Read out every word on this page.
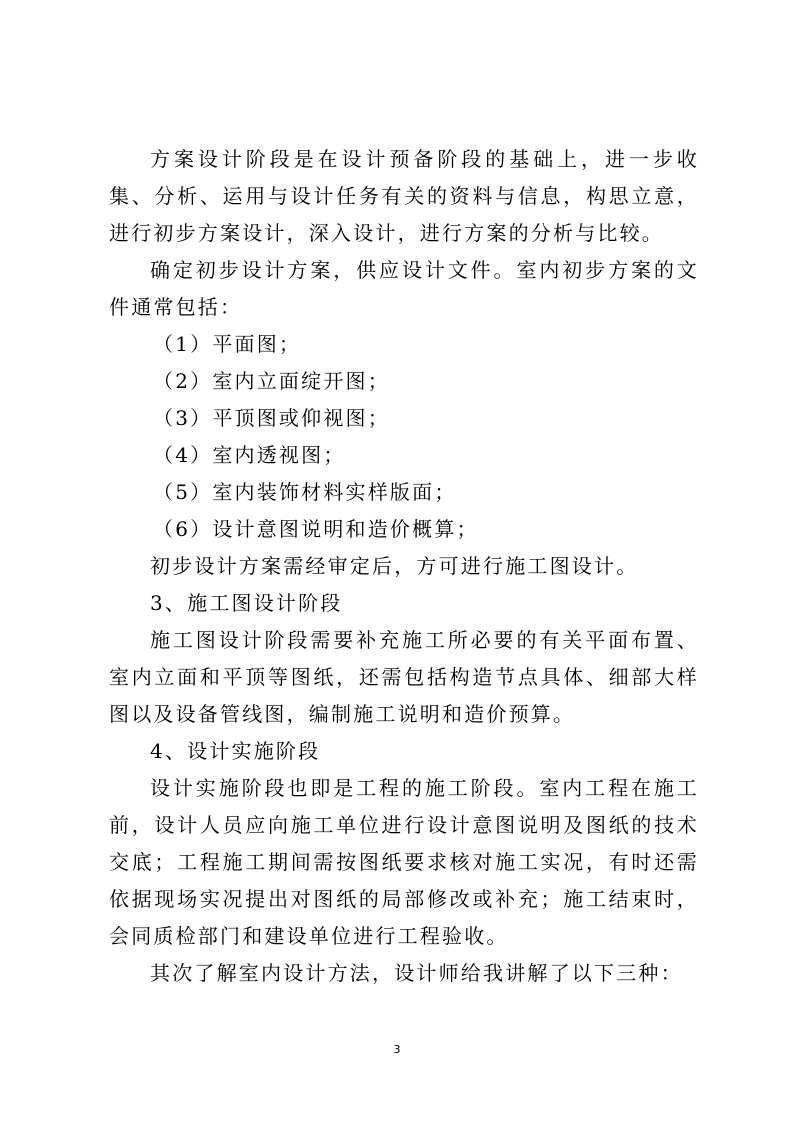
方案设计阶段是在设计预备阶段的基础上，进一步收集、分析、运用与设计任务有关的资料与信息，构思立意，进行初步方案设计，深入设计，进行方案的分析与比较。

确定初步设计方案，供应设计文件。室内初步方案的文件通常包括：

（1）平面图；

（2）室内立面绽开图；

（3）平顶图或仰视图；

（4）室内透视图；

（5）室内装饰材料实样版面；

（6）设计意图说明和造价概算；

初步设计方案需经审定后，方可进行施工图设计。

3、施工图设计阶段

施工图设计阶段需要补充施工所必要的有关平面布置、室内立面和平顶等图纸，还需包括构造节点具体、细部大样图以及设备管线图，编制施工说明和造价预算。

4、设计实施阶段

设计实施阶段也即是工程的施工阶段。室内工程在施工前，设计人员应向施工单位进行设计意图说明及图纸的技术交底；工程施工期间需按图纸要求核对施工实况，有时还需依据现场实况提出对图纸的局部修改或补充；施工结束时，会同质检部门和建设单位进行工程验收。

其次了解室内设计方法，设计师给我讲解了以下三种：

3
